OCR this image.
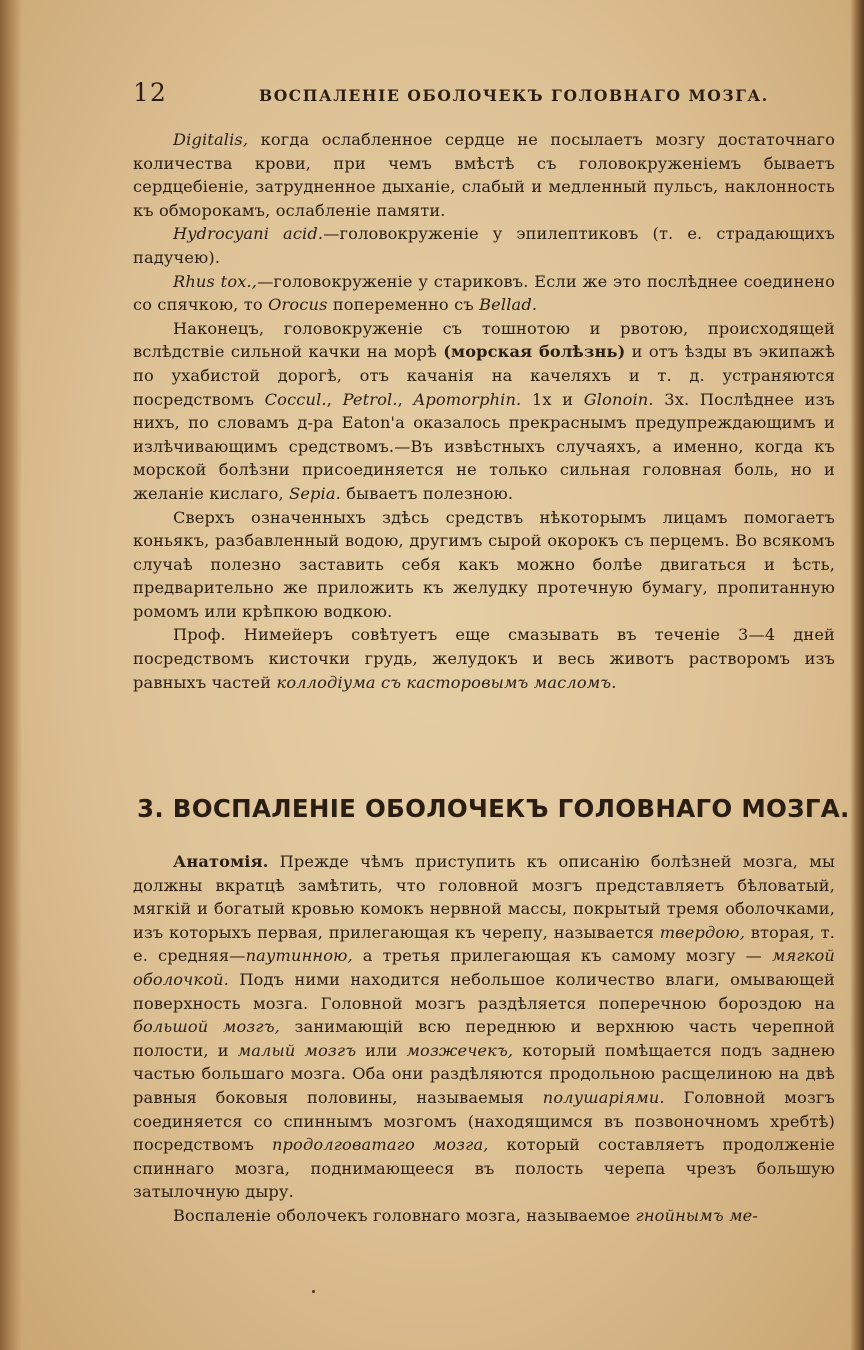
12	ВОСПАЛЕНІЕ ОБОЛОЧЕКЪ ГОЛОВНАГО МОЗГА.

Digitalis, когда ослабленное сердце не посылаетъ мозгу достаточнаго количества крови, при чемъ вмѣстѣ съ головокруженіемъ бываетъ сердцебіеніе, затрудненное дыханіе, слабый и медленный пульсъ, наклонность къ обморокамъ, ослабленіе памяти.

Hydrocyani acid.—головокруженіе у эпилептиковъ (т. е. страдающихъ падучею).

Rhus tox.,—головокруженіе у стариковъ. Если же это послѣднее соединено со спячкою, то Orocus попеременно съ Bellad.

Наконецъ, головокруженіе съ тошнотою и рвотою, происходящей вслѣдствіе сильной качки на морѣ (морская болѣзнь) и отъ ѣзды въ экипажѣ по ухабистой дорогѣ, отъ качанія на качеляхъ и т. д. устраняются посредствомъ Coccul., Petrol., Apomorphin. 1x и Glonoin. 3x. Послѣднее изъ нихъ, по словамъ д-ра Eaton'a оказалось прекраснымъ предупреждающимъ и излѣчивающимъ средствомъ.—Въ извѣстныхъ случаяхъ, а именно, когда къ морской болѣзни присоединяется не только сильная головная боль, но и желаніе кислаго, Sepia. бываетъ полезною.

Сверхъ означенныхъ здѣсь средствъ нѣкоторымъ лицамъ помогаетъ коньякъ, разбавленный водою, другимъ сырой окорокъ съ перцемъ. Во всякомъ случаѣ полезно заставить себя какъ можно болѣе двигаться и ѣсть, предварительно же приложить къ желудку протечную бумагу, пропитанную ромомъ или крѣпкою водкою.

Проф. Нимейеръ совѣтуетъ еще смазывать въ теченіе 3—4 дней посредствомъ кисточки грудь, желудокъ и весь животъ растворомъ изъ равныхъ частей коллодіума съ касторовымъ масломъ.

3. ВОСПАЛЕНІЕ ОБОЛОЧЕКЪ ГОЛОВНАГО МОЗГА.

Анатомія. Прежде чѣмъ приступить къ описанію болѣзней мозга, мы должны вкратцѣ замѣтить, что головной мозгъ представляетъ бѣловатый, мягкій и богатый кровью комокъ нервной массы, покрытый тремя оболочками, изъ которыхъ первая, прилегающая къ черепу, называется твердою, вторая, т. е. средняя—паутинною, а третья прилегающая къ самому мозгу — мягкой оболочкой. Подъ ними находится небольшое количество влаги, омывающей поверхность мозга. Головной мозгъ раздѣляется поперечною бороздою на большой мозгъ, занимающій всю переднюю и верхнюю часть черепной полости, и малый мозгъ или мозжечекъ, который помѣщается подъ заднею частью большаго мозга. Оба они раздѣляются продольною расщелиною на двѣ равныя боковыя половины, называемыя полушаріями. Головной мозгъ соединяется со спиннымъ мозгомъ (находящимся въ позвоночномъ хребтѣ) посредствомъ продолговатаго мозга, который составляетъ продолженіе спиннаго мозга, поднимающееся въ полость черепа чрезъ большую затылочную дыру.

Воспаленіе оболочекъ головнаго мозга, называемое гнойнымъ ме-
